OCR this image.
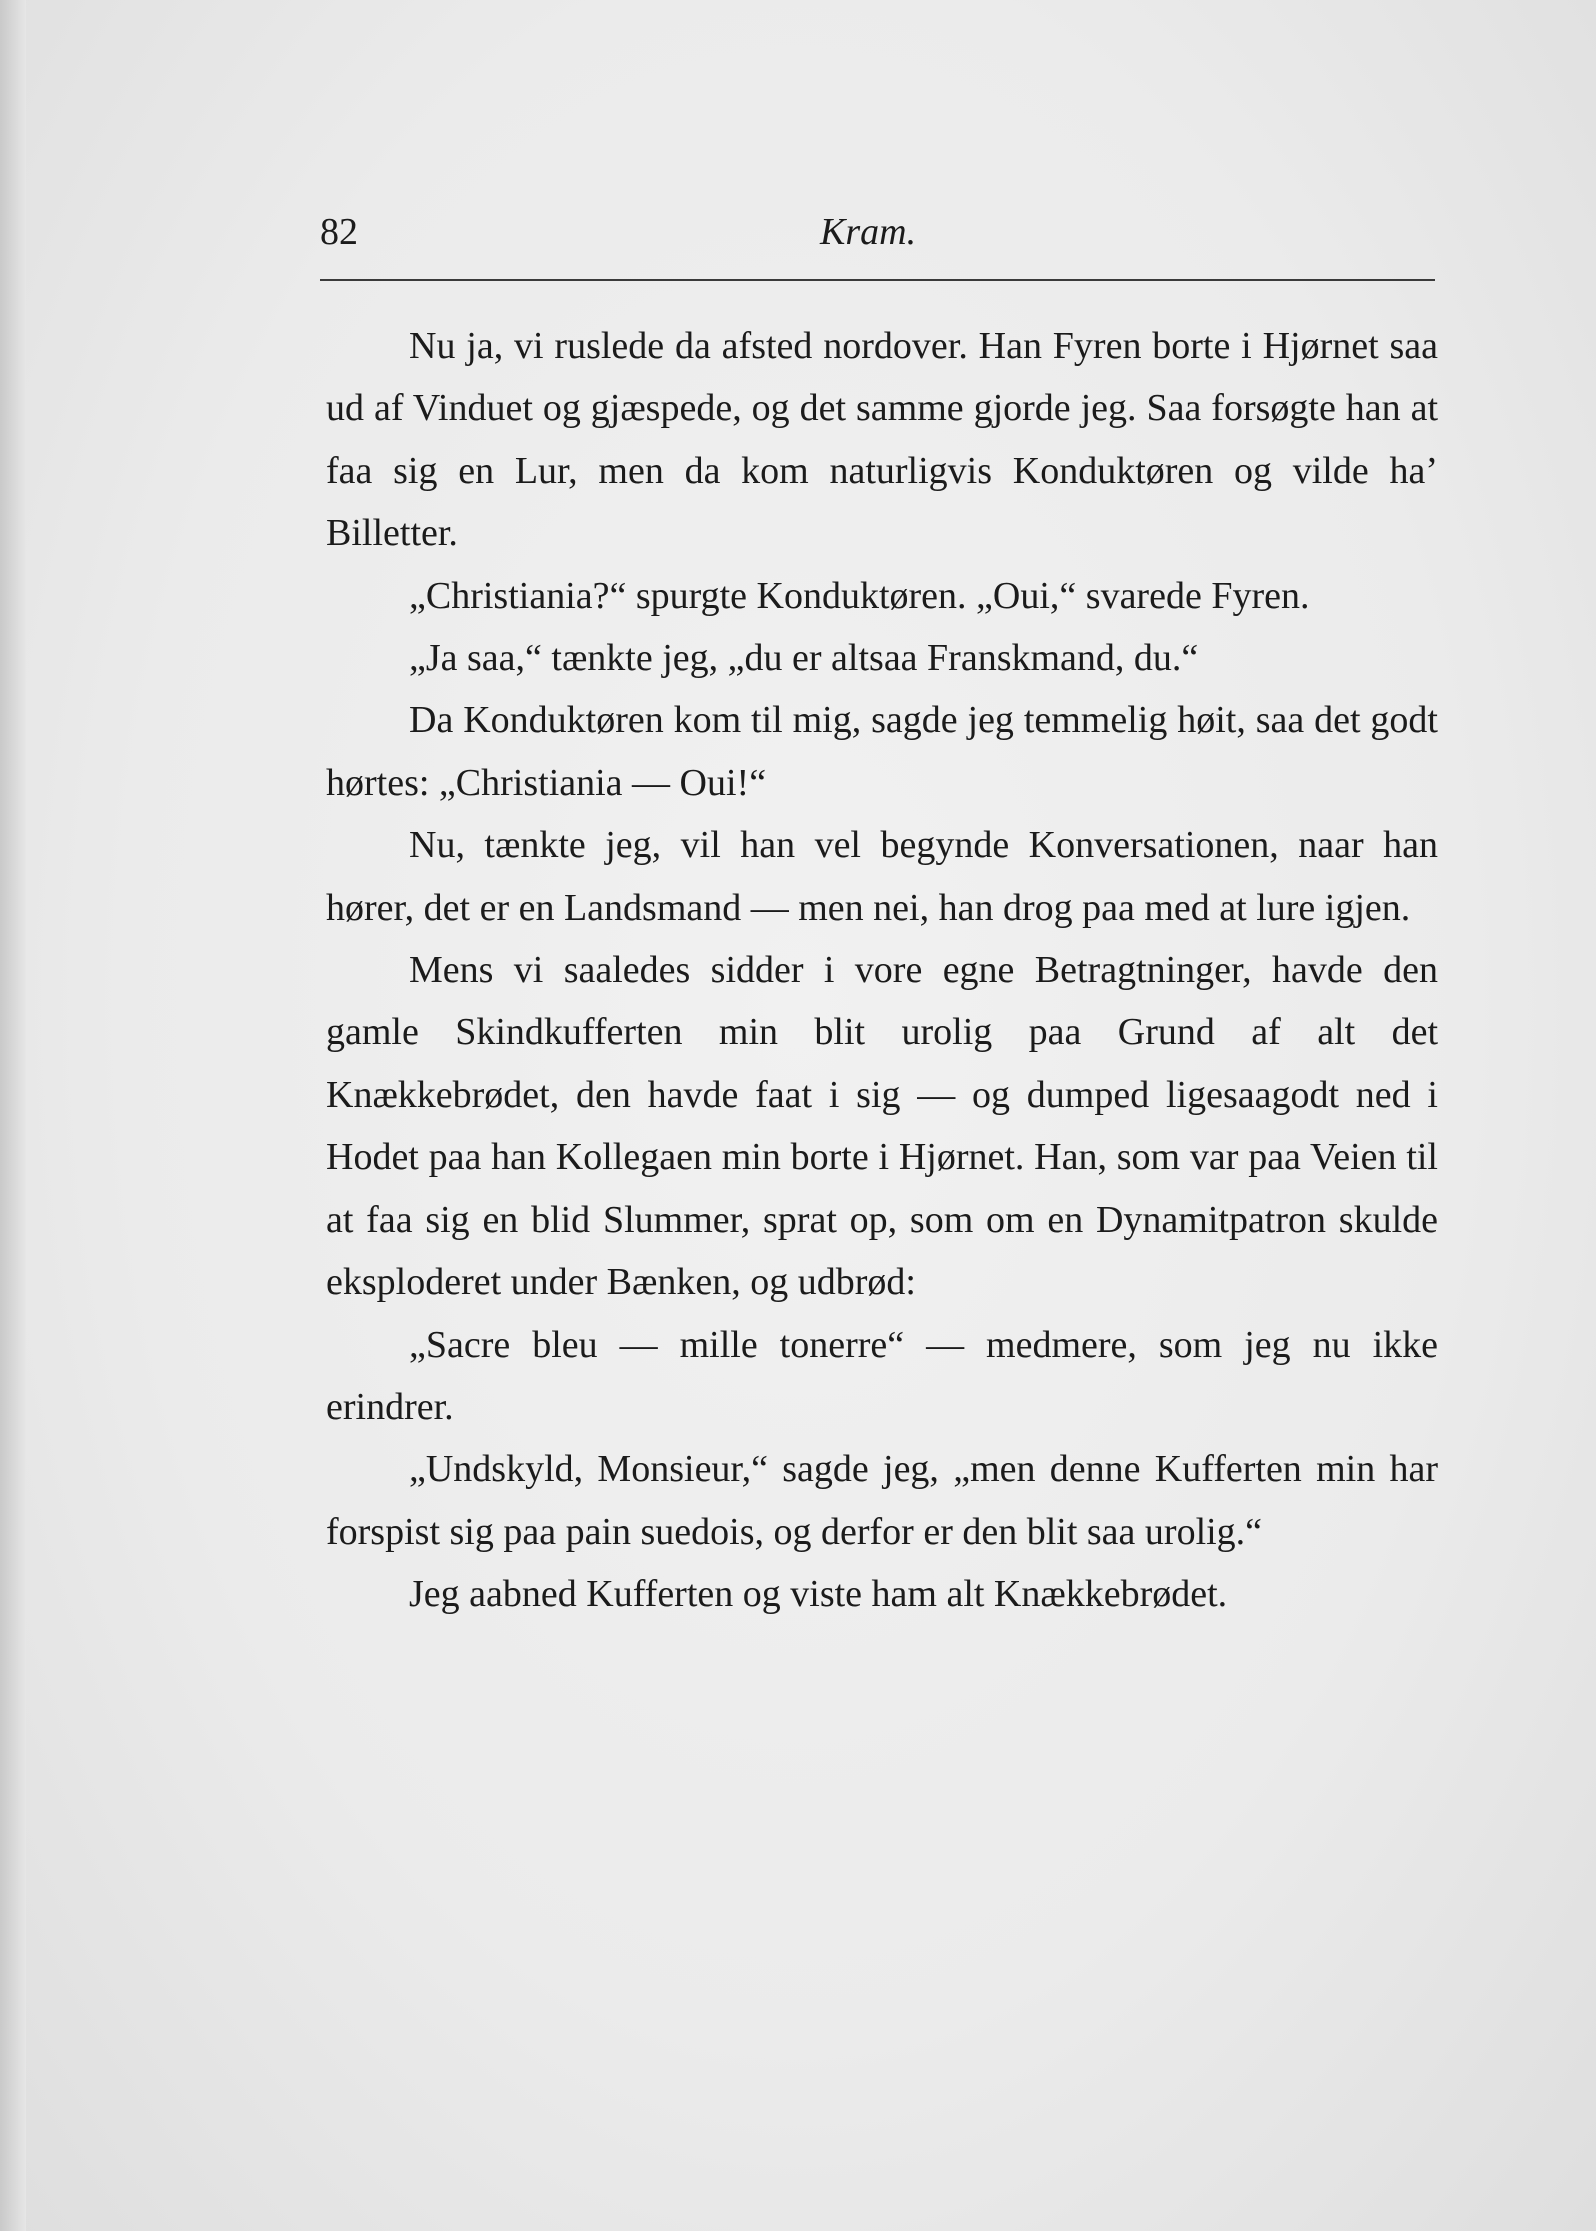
82	Kram.

Nu ja, vi ruslede da afsted nordover. Han Fyren borte i Hjørnet saa ud af Vinduet og gjæspede, og det samme gjorde jeg. Saa forsøgte han at faa sig en Lur, men da kom naturligvis Konduktøren og vilde ha’ Billetter.

„Christiania?“ spurgte Konduktøren. „Oui,“ svarede Fyren.

„Ja saa,“ tænkte jeg, „du er altsaa Franskmand, du.“

Da Konduktøren kom til mig, sagde jeg temmelig høit, saa det godt hørtes: „Christiania — Oui!“

Nu, tænkte jeg, vil han vel begynde Konversationen, naar han hører, det er en Landsmand — men nei, han drog paa med at lure igjen.

Mens vi saaledes sidder i vore egne Betragtninger, havde den gamle Skindkufferten min blit urolig paa Grund af alt det Knækkebrødet, den havde faat i sig — og dumped ligesaagodt ned i Hodet paa han Kollegaen min borte i Hjørnet. Han, som var paa Veien til at faa sig en blid Slummer, sprat op, som om en Dynamitpatron skulde eksploderet under Bænken, og udbrød:

„Sacre bleu — mille tonerre“ — medmere, som jeg nu ikke erindrer.

„Undskyld, Monsieur,“ sagde jeg, „men denne Kufferten min har forspist sig paa pain suedois, og derfor er den blit saa urolig.“

Jeg aabned Kufferten og viste ham alt Knækkebrødet.
